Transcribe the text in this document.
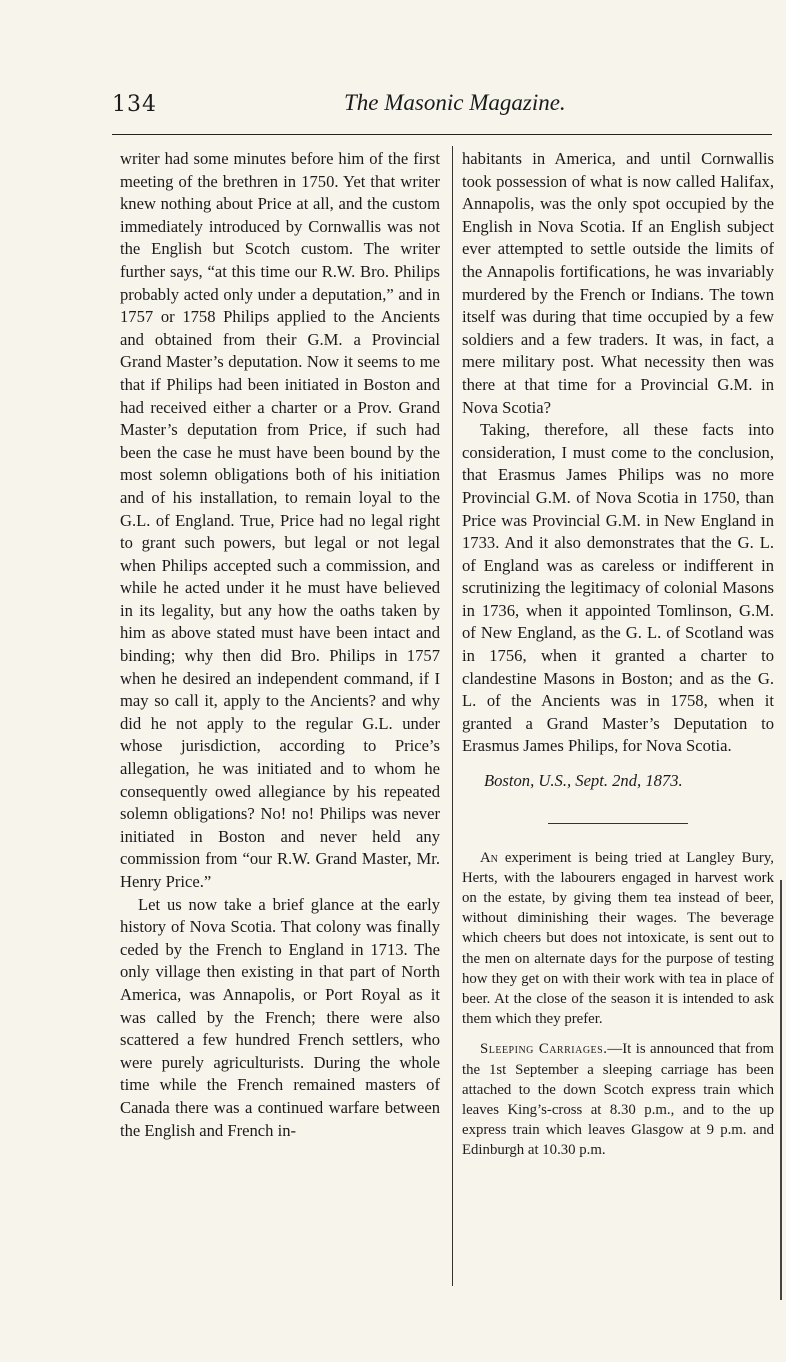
134	The Masonic Magazine.

writer had some minutes before him of the first meeting of the brethren in 1750. Yet that writer knew nothing about Price at all, and the custom immediately introduced by Cornwallis was not the English but Scotch custom. The writer further says, “at this time our R.W. Bro. Philips probably acted only under a deputation,” and in 1757 or 1758 Philips applied to the Ancients and obtained from their G.M. a Provincial Grand Master’s deputation. Now it seems to me that if Philips had been initiated in Boston and had received either a charter or a Prov. Grand Master’s deputation from Price, if such had been the case he must have been bound by the most solemn obligations both of his initiation and of his installation, to remain loyal to the G.L. of England. True, Price had no legal right to grant such powers, but legal or not legal when Philips accepted such a commission, and while he acted under it he must have believed in its legality, but any how the oaths taken by him as above stated must have been intact and binding; why then did Bro. Philips in 1757 when he desired an independent command, if I may so call it, apply to the Ancients? and why did he not apply to the regular G.L. under whose jurisdiction, according to Price’s allegation, he was initiated and to whom he consequently owed allegiance by his repeated solemn obligations? No! no! Philips was never initiated in Boston and never held any commission from “our R.W. Grand Master, Mr. Henry Price.”

Let us now take a brief glance at the early history of Nova Scotia. That colony was finally ceded by the French to England in 1713. The only village then existing in that part of North America, was Annapolis, or Port Royal as it was called by the French; there were also scattered a few hundred French settlers, who were purely agriculturists. During the whole time while the French remained masters of Canada there was a continued warfare between the English and French in-

habitants in America, and until Cornwallis took possession of what is now called Halifax, Annapolis, was the only spot occupied by the English in Nova Scotia. If an English subject ever attempted to settle outside the limits of the Annapolis fortifications, he was invariably murdered by the French or Indians. The town itself was during that time occupied by a few soldiers and a few traders. It was, in fact, a mere military post. What necessity then was there at that time for a Provincial G.M. in Nova Scotia?

Taking, therefore, all these facts into consideration, I must come to the conclusion, that Erasmus James Philips was no more Provincial G.M. of Nova Scotia in 1750, than Price was Provincial G.M. in New England in 1733. And it also demonstrates that the G. L. of England was as careless or indifferent in scrutinizing the legitimacy of colonial Masons in 1736, when it appointed Tomlinson, G.M. of New England, as the G. L. of Scotland was in 1756, when it granted a charter to clandestine Masons in Boston; and as the G. L. of the Ancients was in 1758, when it granted a Grand Master’s Deputation to Erasmus James Philips, for Nova Scotia.

Boston, U.S., Sept. 2nd, 1873.

An experiment is being tried at Langley Bury, Herts, with the labourers engaged in harvest work on the estate, by giving them tea instead of beer, without diminishing their wages. The beverage which cheers but does not intoxicate, is sent out to the men on alternate days for the purpose of testing how they get on with their work with tea in place of beer. At the close of the season it is intended to ask them which they prefer.

Sleeping Carriages.—It is announced that from the 1st September a sleeping carriage has been attached to the down Scotch express train which leaves King’s-cross at 8.30 p.m., and to the up express train which leaves Glasgow at 9 p.m. and Edinburgh at 10.30 p.m.
